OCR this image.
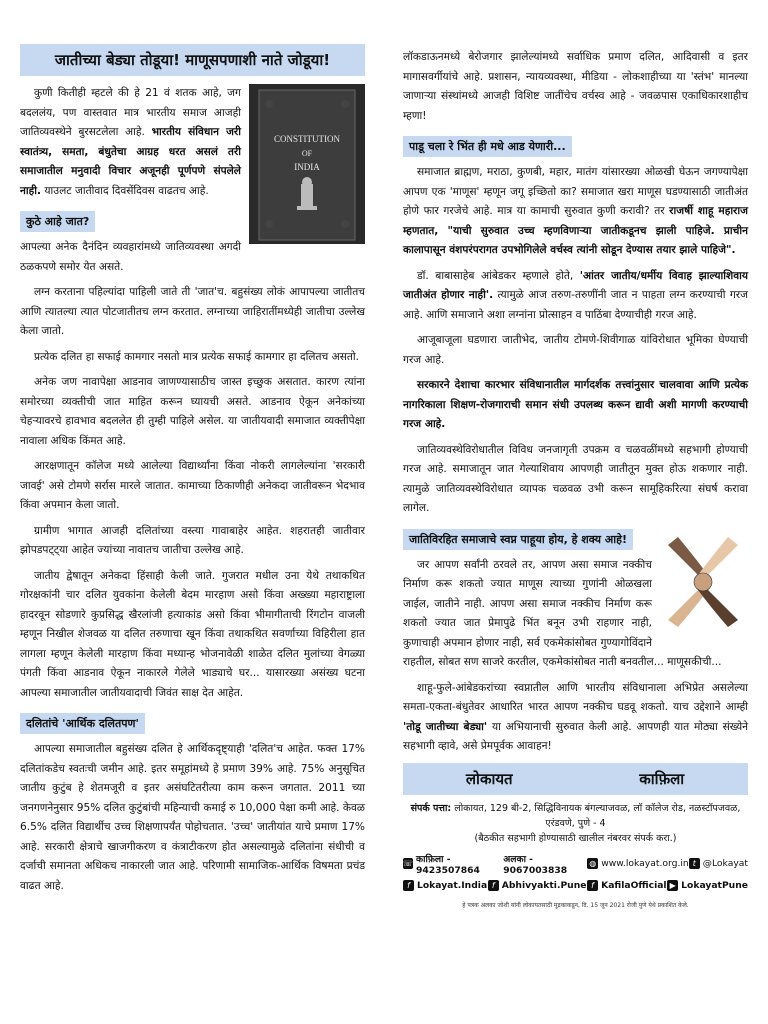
जातीच्या बेड्या तोडूया! माणूसपणाशी नाते जोडूया!
CONSTITUTION
OF
INDIA

कुणी कितीही म्हटले की हे 21 वं शतक आहे, जग बदललंय, पण वास्तवात मात्र भारतीय समाज आजही जातिव्यवस्थेने बुरसटलेला आहे. भारतीय संविधान जरी स्वातंत्र्य, समता, बंधुतेचा आग्रह धरत असलं तरी समाजातील मनुवादी विचार अजूनही पूर्णपणे संपलेले नाही. याउलट जातीवाद दिवसेंदिवस वाढतच आहे.

कुठे आहे जात?

आपल्या अनेक दैनंदिन व्यवहारांमध्ये जातिव्यवस्था अगदी ठळकपणे समोर येत असते.

लग्न करताना पहिल्यांदा पाहिली जाते ती 'जात'च. बहुसंख्य लोकं आपापल्या जातीतच आणि त्यातल्या त्यात पोटजातीतच लग्न करतात. लग्नाच्या जाहिरातींमध्येही जातीचा उल्लेख केला जातो.

प्रत्येक दलित हा सफाई कामगार नसतो मात्र प्रत्येक सफाई कामगार हा दलितच असतो.

अनेक जण नावापेक्षा आडनाव जाणण्यासाठीच जास्त इच्छुक असतात. कारण त्यांना समोरच्या व्यक्तीची जात माहित करून घ्यायची असते. आडनाव ऐकून अनेकांच्या चेहऱ्यावरचे हावभाव बदललेत ही तुम्ही पाहिले असेल. या जातीयवादी समाजात व्यक्तीपेक्षा नावाला अधिक किंमत आहे.

आरक्षणातून कॉलेज मध्ये आलेल्या विद्यार्थ्यांना किंवा नोकरी लागलेल्यांना 'सरकारी जावई' असे टोमणे सर्रास मारले जातात. कामाच्या ठिकाणीही अनेकदा जातीवरून भेदभाव किंवा अपमान केला जातो.

ग्रामीण भागात आजही दलितांच्या वस्त्या गावाबाहेर आहेत. शहरातही जातीवार झोपडपट्ट्या आहेत ज्यांच्या नावातच जातीचा उल्लेख आहे.

जातीय द्वेषातून अनेकदा हिंसाही केली जाते. गुजरात मधील उना येथे तथाकथित गोरक्षकांनी चार दलित युवकांना केलेली बेदम मारहाण असो किंवा अख्ख्या महाराष्ट्राला हादरवून सोडणारे कुप्रसिद्ध खैरलांजी हत्याकांड असो किंवा भीमागीताची रिंगटोन वाजली म्हणून निखील शेजवळ या दलित तरुणाचा खून किंवा तथाकथित सवर्णाच्या विहिरीला हात लागला म्हणून केलेली मारहाण किंवा मध्यान्ह भोजनावेळी शाळेत दलित मुलांच्या वेगळ्या पंगती किंवा आडनाव ऐकून नाकारले गेलेले भाड्याचे घर... यासारख्या असंख्य घटना आपल्या समाजातील जातीयवादाची जिवंत साक्ष देत आहेत.

दलितांचे 'आर्थिक दलितपण'

आपल्या समाजातील बहुसंख्य दलित हे आर्थिकदृष्ट्याही 'दलित'च आहेत. फक्त 17% दलितांकडेच स्वतःची जमीन आहे. इतर समूहांमध्ये हे प्रमाण 39% आहे. 75% अनुसूचित जातीय कुटुंब हे शेतमजूरी व इतर असंघटितरीत्या काम करून जगतात. 2011 च्या जनगणनेनुसार 95% दलित कुटुंबांची महिन्याची कमाई रु 10,000 पेक्षा कमी आहे. केवळ 6.5% दलित विद्यार्थीच उच्च शिक्षणापर्यंत पोहोचतात. 'उच्च' जातीयांत याचे प्रमाण 17% आहे. सरकारी क्षेत्राचे खाजगीकरण व कंत्राटीकरण होत असल्यामुळे दलितांना संधीची व दर्जाची समानता अधिकच नाकारली जात आहे. परिणामी सामाजिक-आर्थिक विषमता प्रचंड वाढत आहे.

लॉकडाऊनमध्ये बेरोजगार झालेल्यांमध्ये सर्वाधिक प्रमाण दलित, आदिवासी व इतर मागासवर्गीयांचे आहे. प्रशासन, न्यायव्यवस्था, मीडिया - लोकशाहीच्या या 'स्तंभ' मानल्या जाणाऱ्या संस्थांमध्ये आजही विशिष्ट जातींचेच वर्चस्व आहे - जवळपास एकाधिकारशाहीच म्हणा!

पाडू चला रे भिंत ही मधे आड येणारी...

समाजात ब्राह्मण, मराठा, कुणबी, महार, मातंग यांसारख्या ओळखी घेऊन जगण्यापेक्षा आपण एक 'माणूस' म्हणून जगू इच्छितो का? समाजात खरा माणूस घडण्यासाठी जातीअंत होणे फार गरजेचे आहे. मात्र या कामाची सुरुवात कुणी करावी? तर राजर्षी शाहू महाराज म्हणतात, "याची सुरुवात उच्च म्हणविणाऱ्या जातीकडूनच झाली पाहिजे. प्राचीन कालापासून वंशपरंपरागत उपभोगिलेले वर्चस्व त्यांनी सोडून देण्यास तयार झाले पाहिजे".

डॉ. बाबासाहेब आंबेडकर म्हणाले होते, 'आंतर जातीय/धर्मीय विवाह झाल्याशिवाय जातीअंत होणार नाही'. त्यामुळे आज तरुण-तरुणींनी जात न पाहता लग्न करण्याची गरज आहे. आणि समाजाने अशा लग्नांना प्रोत्साहन व पाठिंबा देण्याचीही गरज आहे.

आजूबाजूला घडणारा जातीभेद, जातीय टोमणे-शिवीगाळ यांविरोधात भूमिका घेण्याची गरज आहे.

सरकारने देशाचा कारभार संविधानातील मार्गदर्शक तत्त्वांनुसार चालवावा आणि प्रत्येक नागरिकाला शिक्षण-रोजगाराची समान संधी उपलब्ध करून द्यावी अशी मागणी करण्याची गरज आहे.

जातिव्यवस्थेविरोधातील विविध जनजागृती उपक्रम व चळवळींमध्ये सहभागी होण्याची गरज आहे. समाजातून जात गेल्याशिवाय आपणही जातीतून मुक्त होऊ शकणार नाही. त्यामुळे जातिव्यवस्थेविरोधात व्यापक चळवळ उभी करून सामूहिकरित्या संघर्ष करावा लागेल.

जातिविरहित समाजाचे स्वप्न पाहूया होय, हे शक्य आहे!

जर आपण सर्वांनी ठरवले तर, आपण असा समाज नक्कीच निर्माण करू शकतो ज्यात माणूस त्याच्या गुणांनी ओळखला जाईल, जातीने नाही. आपण असा समाज नक्कीच निर्माण करू शकतो ज्यात जात प्रेमापुढे भिंत बनून उभी राहणार नाही, कुणाचाही अपमान होणार नाही, सर्व एकमेकांसोबत गुण्यागोविंदाने राहतील, सोबत सण साजरे करतील, एकमेकांसोबत नाती बनवतील... माणूसकीची...

शाहू-फुले-आंबेडकरांच्या स्वप्नातील आणि भारतीय संविधानाला अभिप्रेत असलेल्या समता-एकता-बंधुतेवर आधारित भारत आपण नक्कीच घडवू शकतो. याच उद्देशाने आम्ही 'तोडू जातीच्या बेड्या' या अभियानाची सुरुवात केली आहे. आपणही यात मोठ्या संख्येने सहभागी व्हावे, असे प्रेमपूर्वक आवाहन!

लोकायत	काफ़िला
संपर्क पत्ता: लोकायत, 129 बी-2, सिद्धिविनायक बंगल्याजवळ, लॉ कॉलेज रोड, नळस्टॉपजवळ, एरंडवणे, पुणे - 4
(बैठकीत सहभागी होण्यासाठी खालील नंबरवर संपर्क करा.)
☏ काफ़िला - 9423507864
अलका - 9067003838
◍ www.lokayat.org.in t @Lokayat
f Lokayat.India f Abhivyakti.Pune f KafilaOfficial ▶ LokayatPune
हे पत्रक अलका जोशी यांनी लोकायतसाठी मुद्रकाकडून, दि. 15 जून 2021 रोजी पुणे येथे प्रकाशित केले.
